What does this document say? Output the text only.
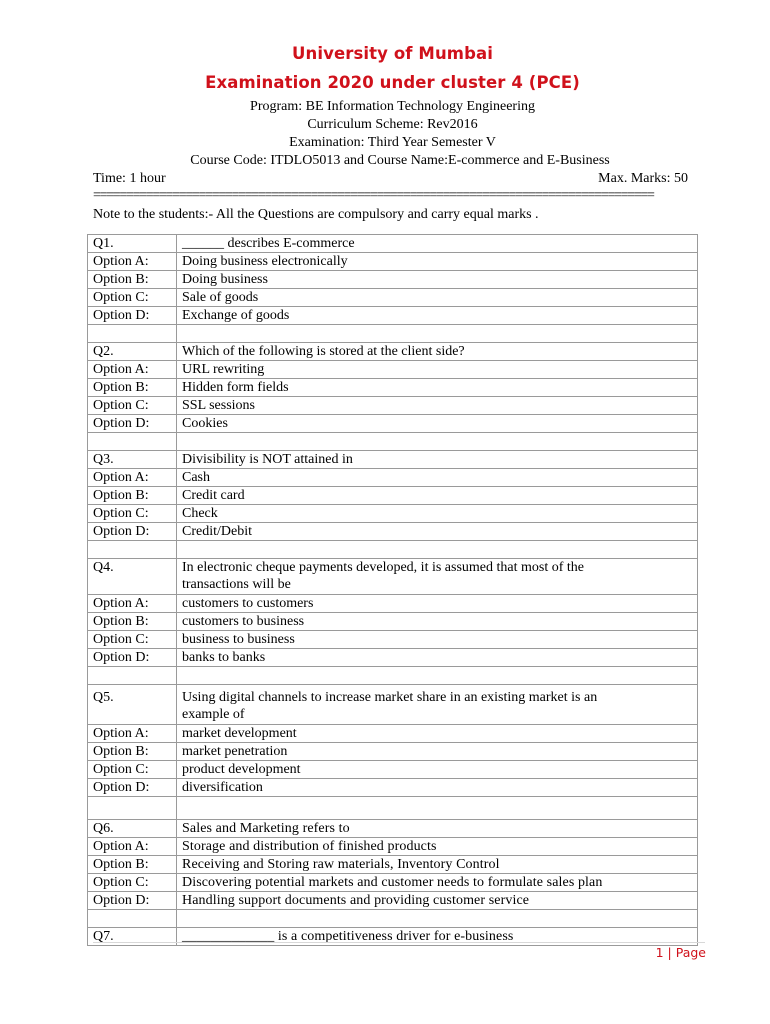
University of Mumbai
Examination 2020 under cluster 4 (PCE)
Program: BE Information Technology Engineering
Curriculum Scheme: Rev2016
Examination: Third Year Semester V
Course Code: ITDLO5013 and Course Name:E-commerce and E-Business
Time: 1 hour	Max. Marks: 50
=====================================================================================
Note to the students:- All the Questions are compulsory and carry equal marks .
Q1.	______ describes E-commerce
Option A:	Doing business electronically
Option B:	Doing business
Option C:	Sale of goods
Option D:	Exchange of goods

Q2.	Which of the following is stored at the client side?
Option A:	URL rewriting
Option B:	Hidden form fields
Option C:	SSL sessions
Option D:	Cookies

Q3.	Divisibility is NOT attained in
Option A:	Cash
Option B:	Credit card
Option C:	Check
Option D:	Credit/Debit

Q4.	In electronic cheque payments developed, it is assumed that most of the
transactions will be

Option A:	customers to customers
Option B:	customers to business
Option C:	business to business
Option D:	banks to banks

Q5.	Using digital channels to increase market share in an existing market is an
example of

Option A:	market development
Option B:	market penetration
Option C:	product development
Option D:	diversification

Q6.	Sales and Marketing refers to
Option A:	Storage and distribution of finished products
Option B:	Receiving and Storing raw materials, Inventory Control
Option C:	Discovering potential markets and customer needs to formulate sales plan
Option D:	Handling support documents and providing customer service

Q7.	_____________ is a competitiveness driver for e-business
1 | Page
